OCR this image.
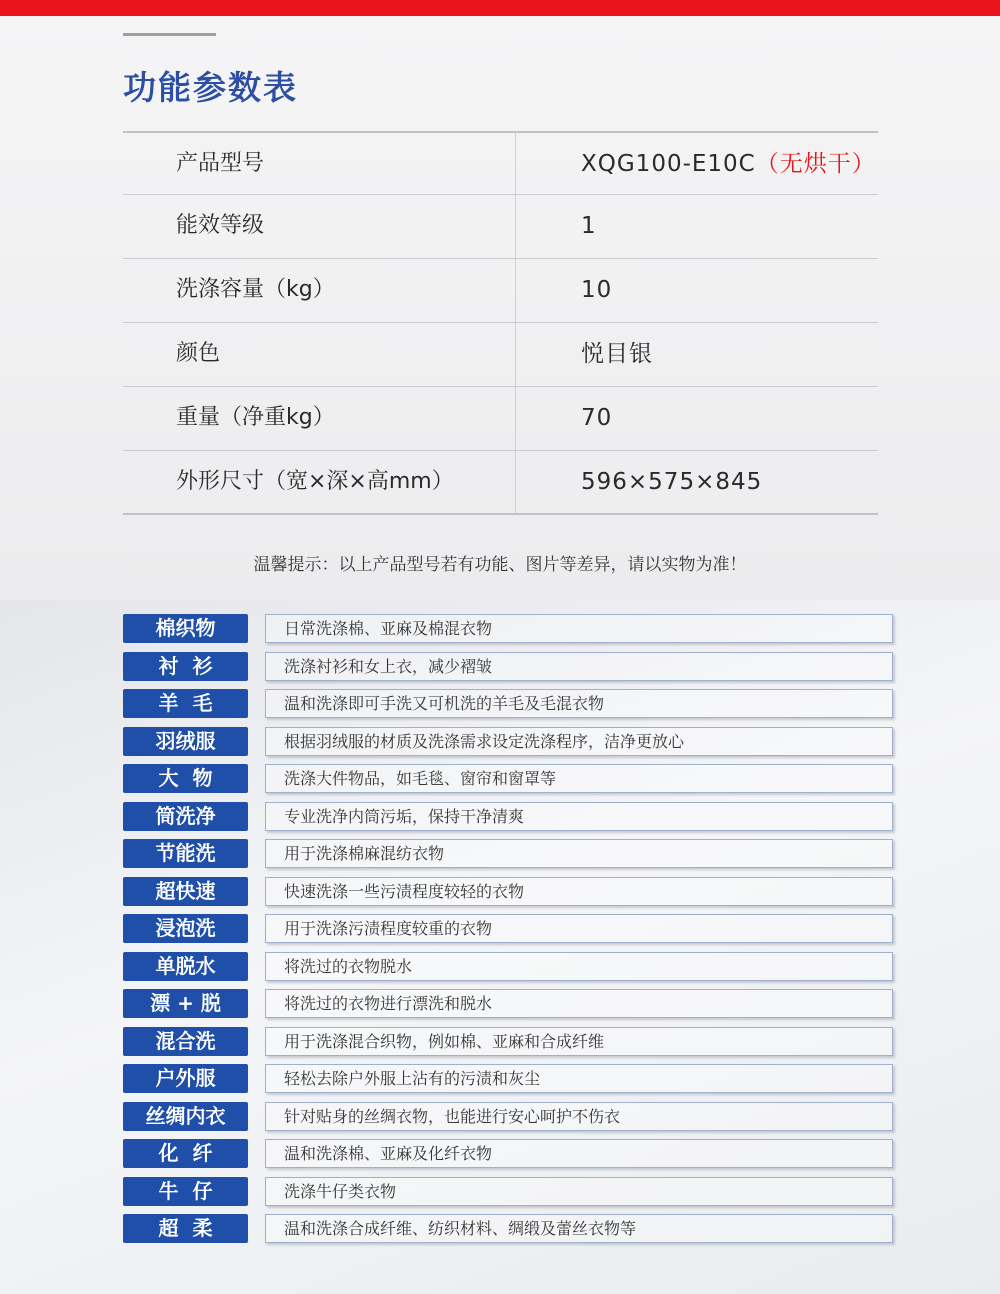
功能参数表
产品型号	XQG100-E10C（无烘干）
能效等级	1
洗涤容量（kg）	10
颜色	悦目银
重量（净重kg）	70
外形尺寸（宽×深×高mm）	596×575×845

温馨提示：以上产品型号若有功能、图片等差异，请以实物为准！

棉织物	日常洗涤棉、亚麻及棉混衣物
衬  衫	洗涤衬衫和女上衣，减少褶皱
羊  毛	温和洗涤即可手洗又可机洗的羊毛及毛混衣物
羽绒服	根据羽绒服的材质及洗涤需求设定洗涤程序，洁净更放心
大  物	洗涤大件物品，如毛毯、窗帘和窗罩等
筒洗净	专业洗净内筒污垢，保持干净清爽
节能洗	用于洗涤棉麻混纺衣物
超快速	快速洗涤一些污渍程度较轻的衣物
浸泡洗	用于洗涤污渍程度较重的衣物
单脱水	将洗过的衣物脱水
漂 + 脱	将洗过的衣物进行漂洗和脱水
混合洗	用于洗涤混合织物，例如棉、亚麻和合成纤维
户外服	轻松去除户外服上沾有的污渍和灰尘
丝绸内衣	针对贴身的丝绸衣物，也能进行安心呵护不伤衣
化  纤	温和洗涤棉、亚麻及化纤衣物
牛  仔	洗涤牛仔类衣物
超  柔	温和洗涤合成纤维、纺织材料、绸缎及蕾丝衣物等
